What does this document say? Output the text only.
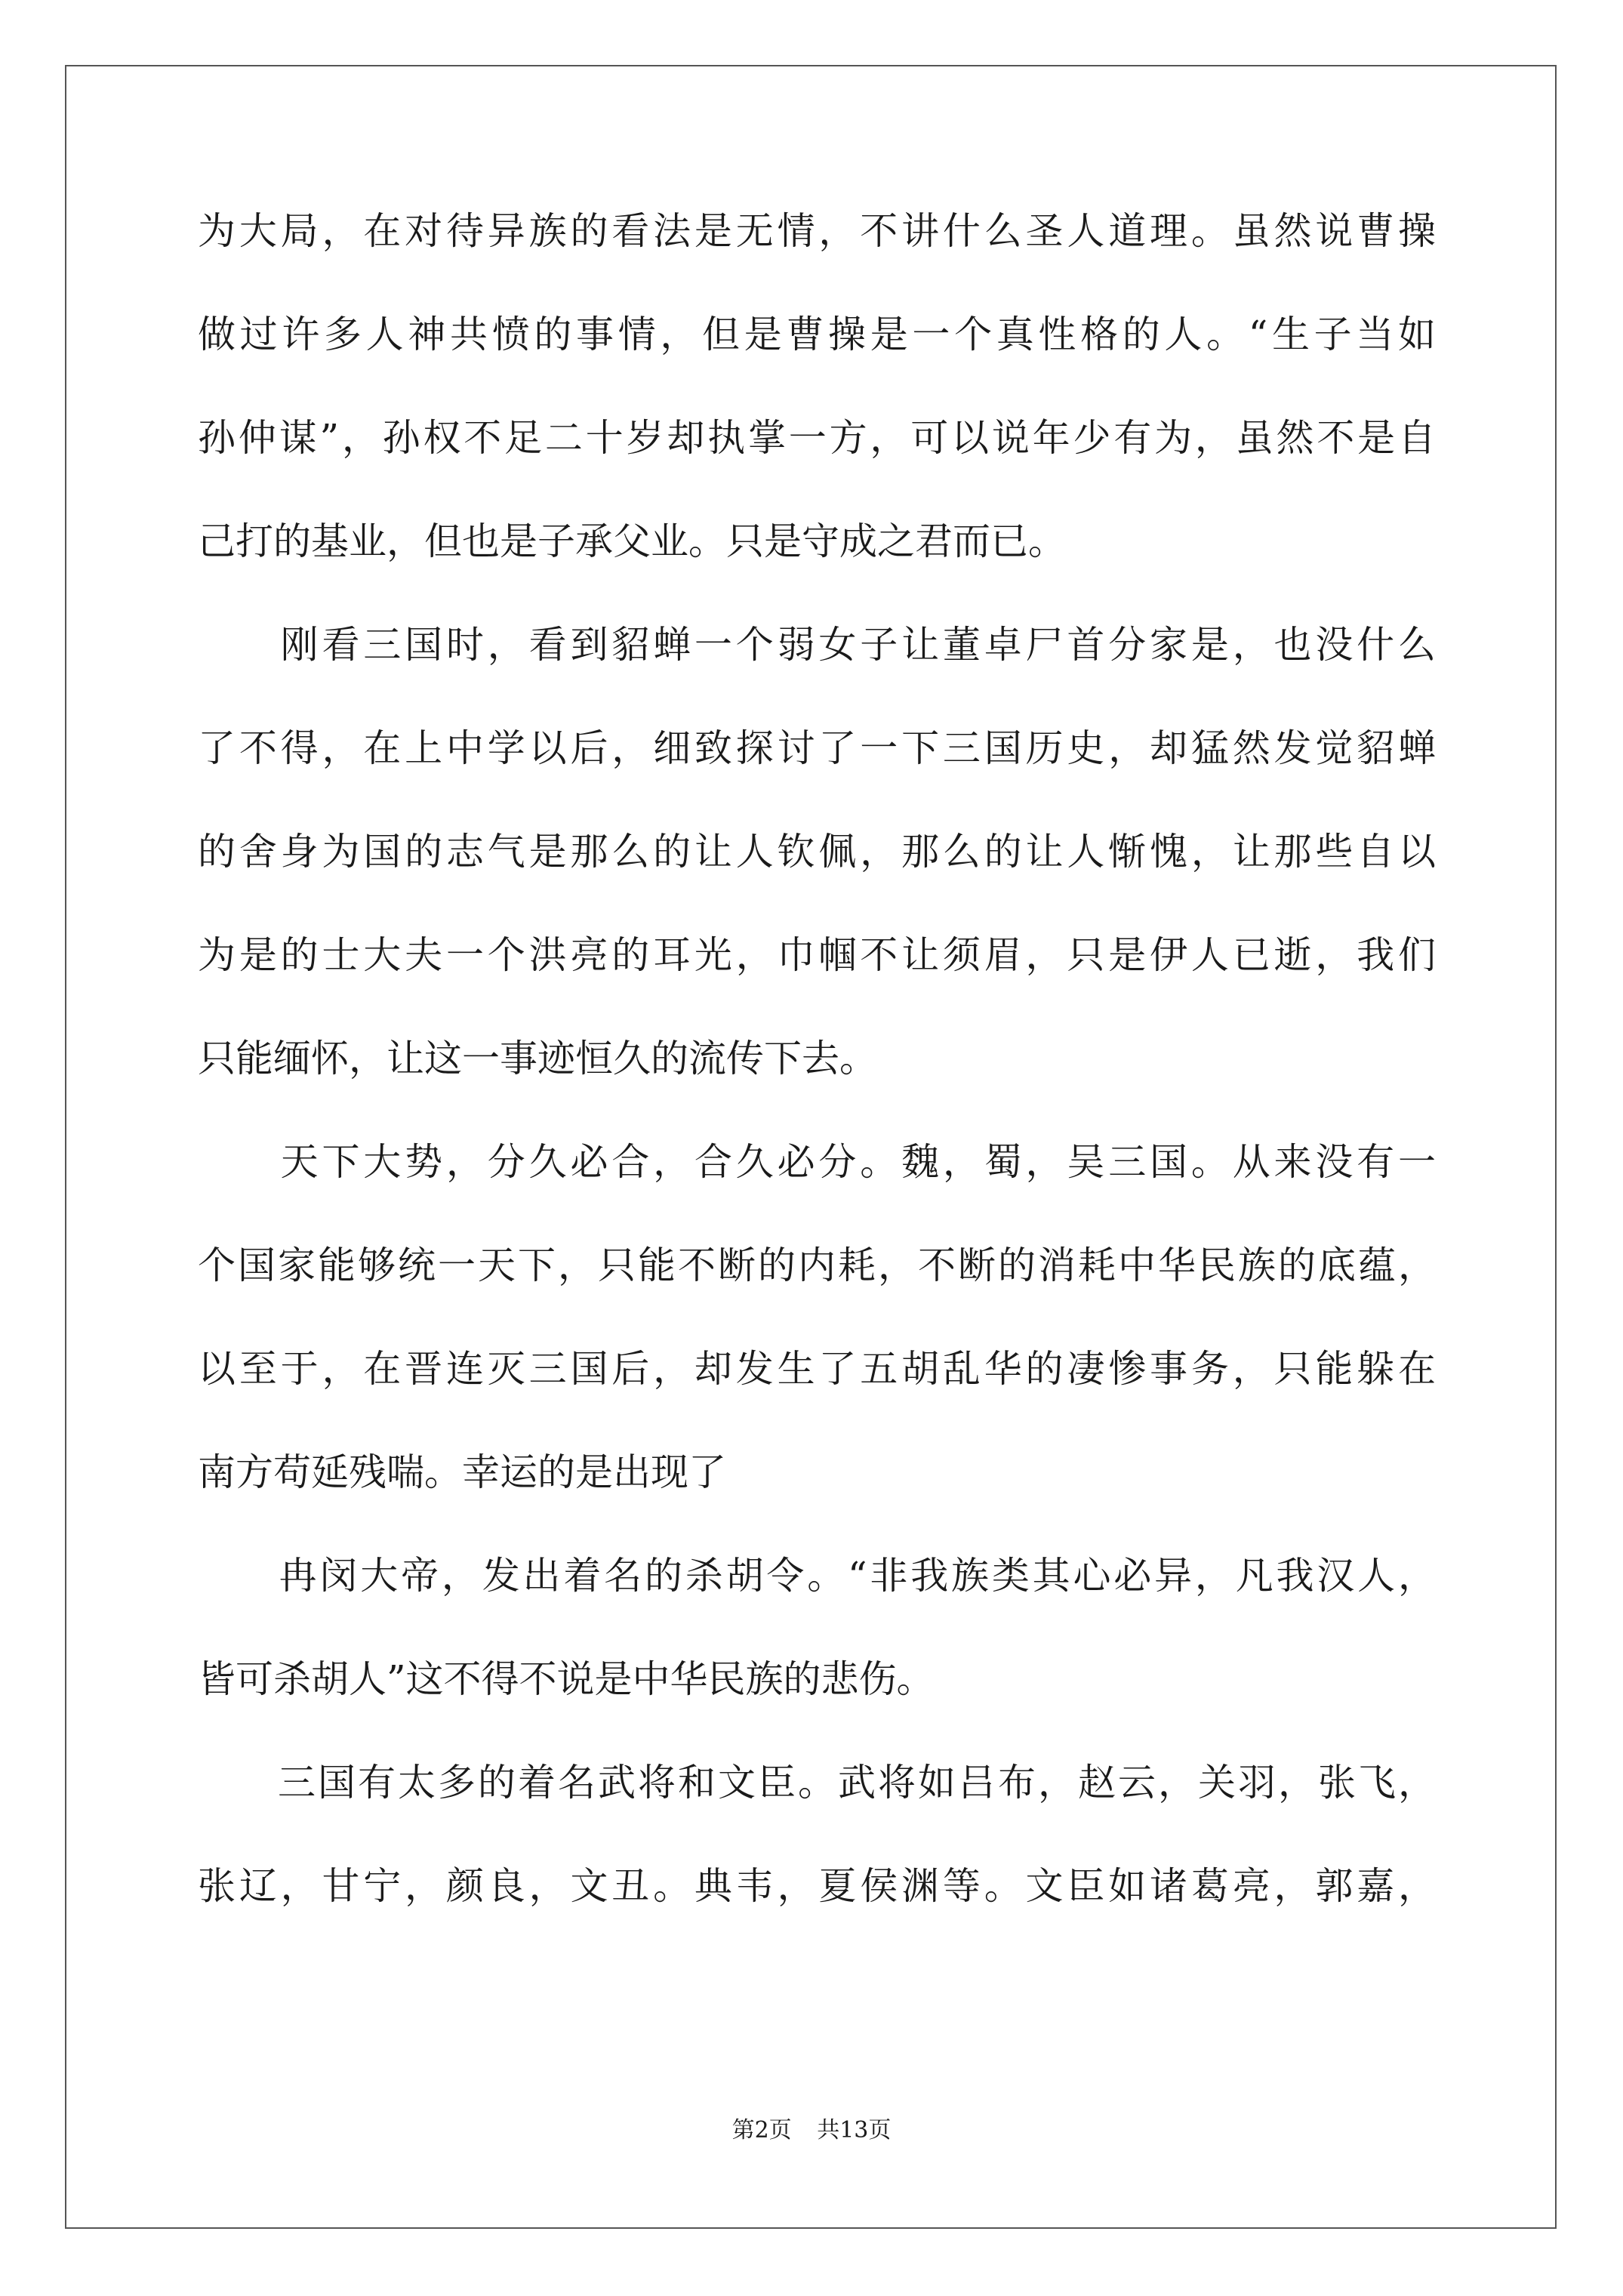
为大局，在对待异族的看法是无情，不讲什么圣人道理。虽然说曹操
做过许多人神共愤的事情，但是曹操是一个真性格的人。“生子当如
孙仲谋”，孙权不足二十岁却执掌一方，可以说年少有为，虽然不是自
己打的基业，但也是子承父业。只是守成之君而已。
　　刚看三国时，看到貂蝉一个弱女子让董卓尸首分家是，也没什么
了不得，在上中学以后，细致探讨了一下三国历史，却猛然发觉貂蝉
的舍身为国的志气是那么的让人钦佩，那么的让人惭愧，让那些自以
为是的士大夫一个洪亮的耳光，巾帼不让须眉，只是伊人已逝，我们
只能缅怀，让这一事迹恒久的流传下去。
　　天下大势，分久必合，合久必分。魏，蜀，吴三国。从来没有一
个国家能够统一天下，只能不断的内耗，不断的消耗中华民族的底蕴，
以至于，在晋连灭三国后，却发生了五胡乱华的凄惨事务，只能躲在
南方苟延残喘。幸运的是出现了
　　冉闵大帝，发出着名的杀胡令。“非我族类其心必异，凡我汉人，
皆可杀胡人”这不得不说是中华民族的悲伤。
　　三国有太多的着名武将和文臣。武将如吕布，赵云，关羽，张飞，
张辽，甘宁，颜良，文丑。典韦，夏侯渊等。文臣如诸葛亮，郭嘉，
第2页 共13页
